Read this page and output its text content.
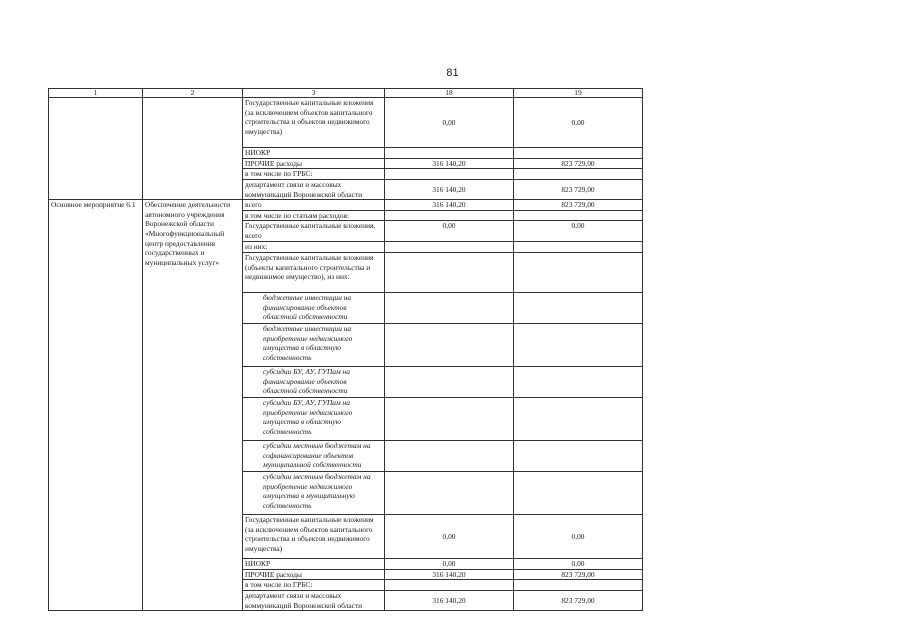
81
1	2	3	18	19
		Государственные капитальные вложения (за исключением объектов капитального строительства и объектов недвижимого имущества)	0,00	0,00
		НИОКР		
		ПРОЧИЕ расходы	316 140,20	823 729,00
		в том числе по ГРБС:		
		департамент связи и массовых коммуникаций Воронежской области	316 140,20	823 729,00
Основное мероприятие 6.1	Обеспечение деятельности автономного учреждения Воронежской области «Многофункциональный центр предоставления государственных и муниципальных услуг»	всего	316 140,20	823 729,00
		в том числе по статьям расходов:		
		Государственные капитальные вложения, всего	0,00	0,00
		из них:		
		Государственные капитальные вложения (объекты капитального строительства и недвижимое имущество), из них:		
		бюджетные инвестиции на финансирование объектов областной собственности		
		бюджетные инвестиции на приобретение недвижимого имущества в областную собственность		
		субсидии БУ, АУ, ГУПам на финансирование объектов областной собственности		
		субсидии БУ, АУ, ГУПам на приобретение недвижимого имущества в областную собственность		
		субсидии местным бюджетам на софинансирование объектов муниципальной собственности		
		субсидии местным бюджетам на приобретение недвижимого имущества в муниципальную собственность		
		Государственные капитальные вложения (за исключением объектов капитального строительства и объектов недвижимого имущества)	0,00	0,00
		НИОКР	0,00	0,00
		ПРОЧИЕ расходы	316 140,20	823 729,00
		в том числе по ГРБС:		
		департамент связи и массовых коммуникаций Воронежской области	316 140,20	823 729,00
